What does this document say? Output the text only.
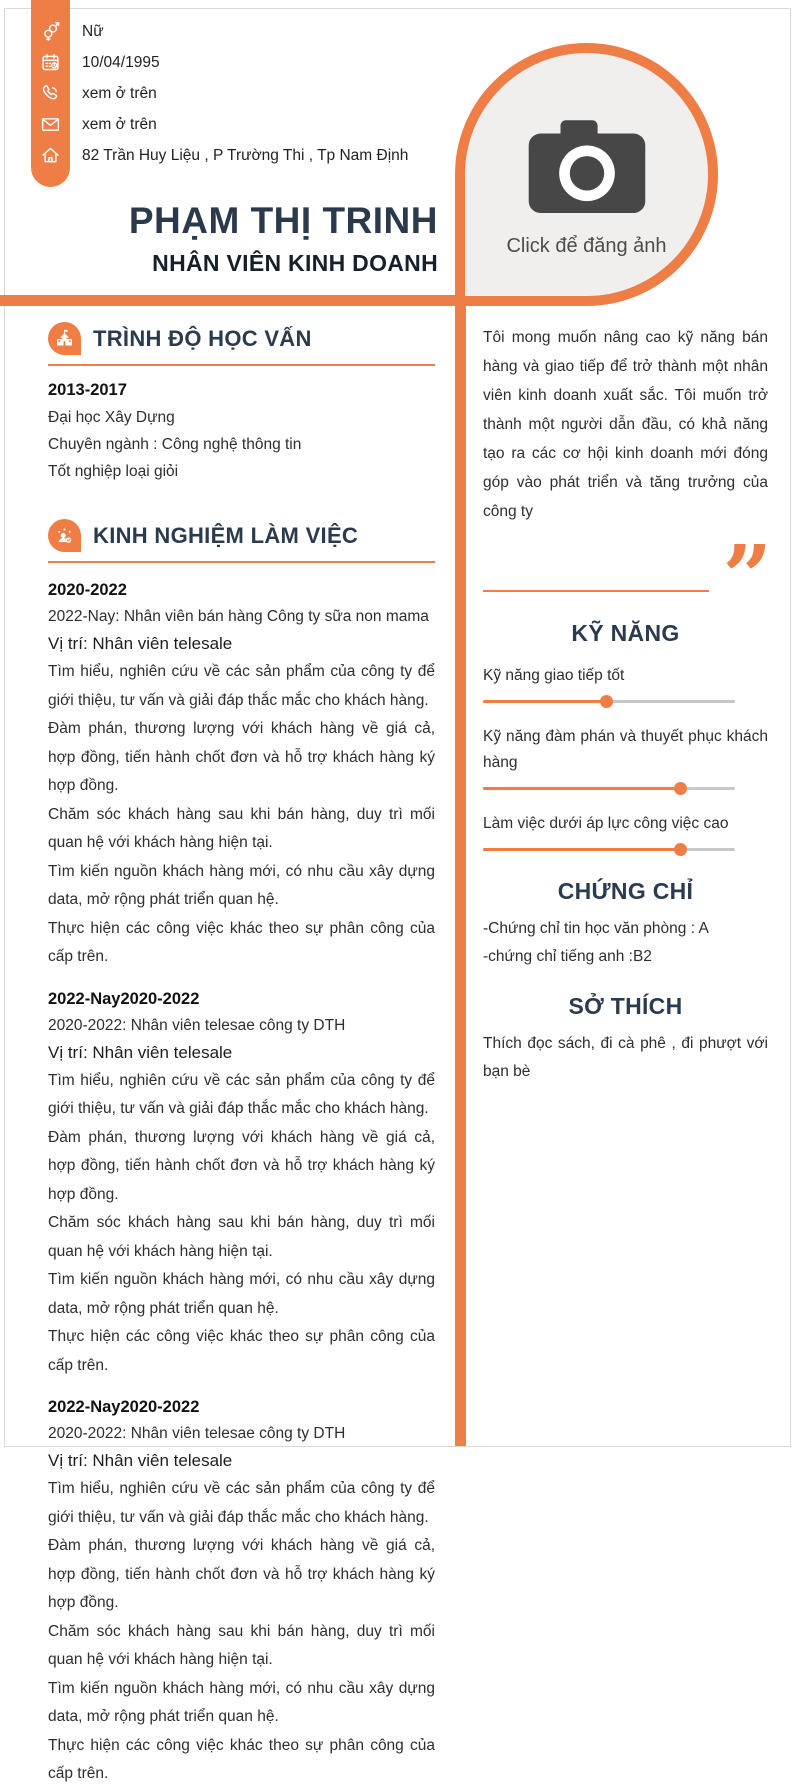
Nữ
10/04/1995
xem ở trên
xem ở trên
82 Trần Huy Liệu , P Trường Thi , Tp Nam Định
PHẠM THỊ TRINH
NHÂN VIÊN KINH DOANH
Click để đăng ảnh
TRÌNH ĐỘ HỌC VẤN
2013-2017
Đại học Xây Dựng
Chuyên ngành : Công nghệ thông tin
Tốt nghiệp loại giỏi
KINH NGHIỆM LÀM VIỆC
2020-2022
2022-Nay: Nhân viên bán hàng Công ty sữa non mama
Vị trí: Nhân viên telesale

Tìm hiểu, nghiên cứu về các sản phẩm của công ty để giới thiệu, tư vấn và giải đáp thắc mắc cho khách hàng.

Đàm phán, thương lượng với khách hàng về giá cả, hợp đồng, tiến hành chốt đơn và hỗ trợ khách hàng ký hợp đồng.

Chăm sóc khách hàng sau khi bán hàng, duy trì mối quan hệ với khách hàng hiện tại.

Tìm kiến nguồn khách hàng mới, có nhu cầu xây dựng data, mở rộng phát triển quan hệ.

Thực hiện các công việc khác theo sự phân công của cấp trên.

2022-Nay2020-2022
2020-2022: Nhân viên telesae công ty DTH
Vị trí: Nhân viên telesale

Tìm hiểu, nghiên cứu về các sản phẩm của công ty để giới thiệu, tư vấn và giải đáp thắc mắc cho khách hàng.

Đàm phán, thương lượng với khách hàng về giá cả, hợp đồng, tiến hành chốt đơn và hỗ trợ khách hàng ký hợp đồng.

Chăm sóc khách hàng sau khi bán hàng, duy trì mối quan hệ với khách hàng hiện tại.

Tìm kiến nguồn khách hàng mới, có nhu cầu xây dựng data, mở rộng phát triển quan hệ.

Thực hiện các công việc khác theo sự phân công của cấp trên.

2022-Nay2020-2022
2020-2022: Nhân viên telesae công ty DTH
Vị trí: Nhân viên telesale

Tìm hiểu, nghiên cứu về các sản phẩm của công ty để giới thiệu, tư vấn và giải đáp thắc mắc cho khách hàng.

Đàm phán, thương lượng với khách hàng về giá cả, hợp đồng, tiến hành chốt đơn và hỗ trợ khách hàng ký hợp đồng.

Chăm sóc khách hàng sau khi bán hàng, duy trì mối quan hệ với khách hàng hiện tại.

Tìm kiến nguồn khách hàng mới, có nhu cầu xây dựng data, mở rộng phát triển quan hệ.

Thực hiện các công việc khác theo sự phân công của cấp trên.

Tôi mong muốn nâng cao kỹ năng bán hàng và giao tiếp để trở thành một nhân viên kinh doanh xuất sắc. Tôi muốn trở thành một người dẫn đầu, có khả năng tạo ra các cơ hội kinh doanh mới đóng góp vào phát triển và tăng trưởng của công ty
”
KỸ NĂNG
Kỹ năng giao tiếp tốt
Kỹ năng đàm phán và thuyết phục khách hàng
Làm việc dưới áp lực công việc cao
CHỨNG CHỈ
-Chứng chỉ tin học văn phòng : A
-chứng chỉ tiếng anh :B2
SỞ THÍCH
Thích đọc sách, đi cà phê , đi phượt với bạn bè
